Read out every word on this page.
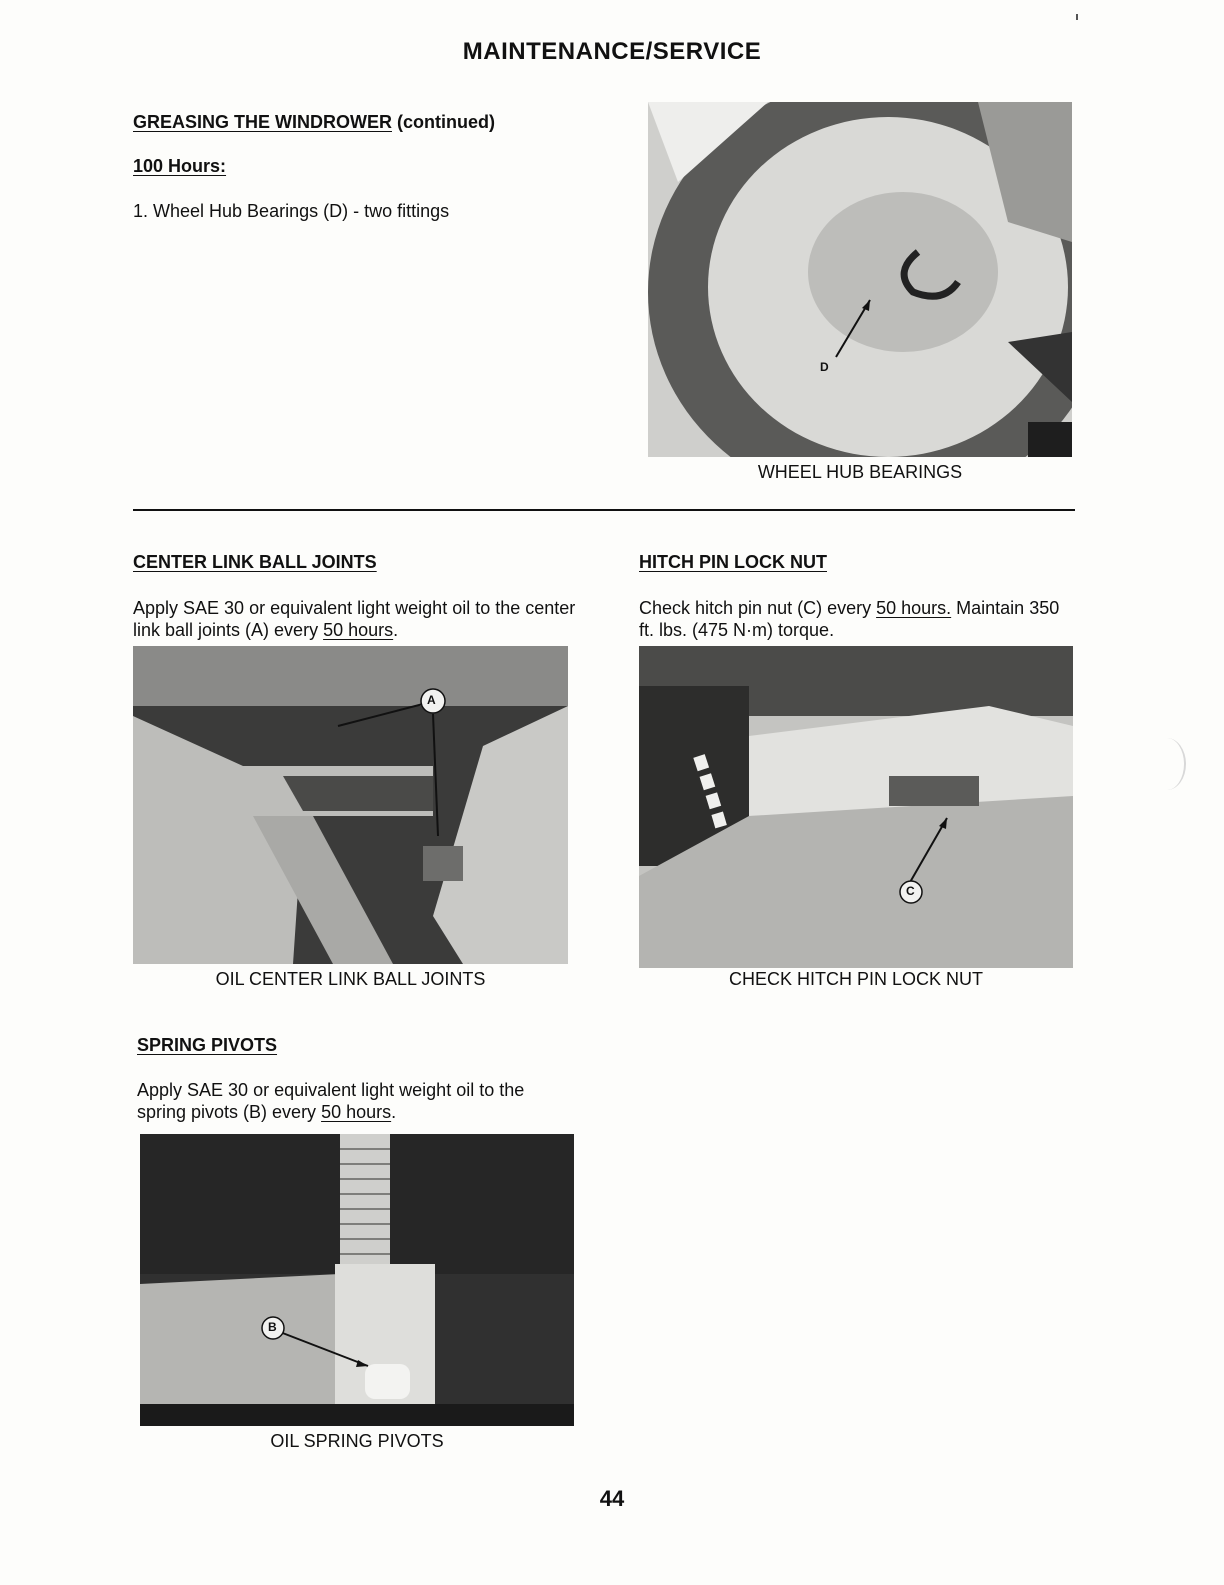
MAINTENANCE/SERVICE
GREASING THE WINDROWER (continued)
100 Hours:
1. Wheel Hub Bearings (D) - two fittings
D
WHEEL HUB BEARINGS
CENTER LINK BALL JOINTS
Apply SAE 30 or equivalent light weight oil to the center link ball joints (A) every 50 hours.
A
OIL CENTER LINK BALL JOINTS
HITCH PIN LOCK NUT
Check hitch pin nut (C) every 50 hours. Maintain 350 ft. lbs. (475 N·m) torque.
C
CHECK HITCH PIN LOCK NUT
SPRING PIVOTS
Apply SAE 30 or equivalent light weight oil to the spring pivots (B) every 50 hours.
B
OIL SPRING PIVOTS
44
